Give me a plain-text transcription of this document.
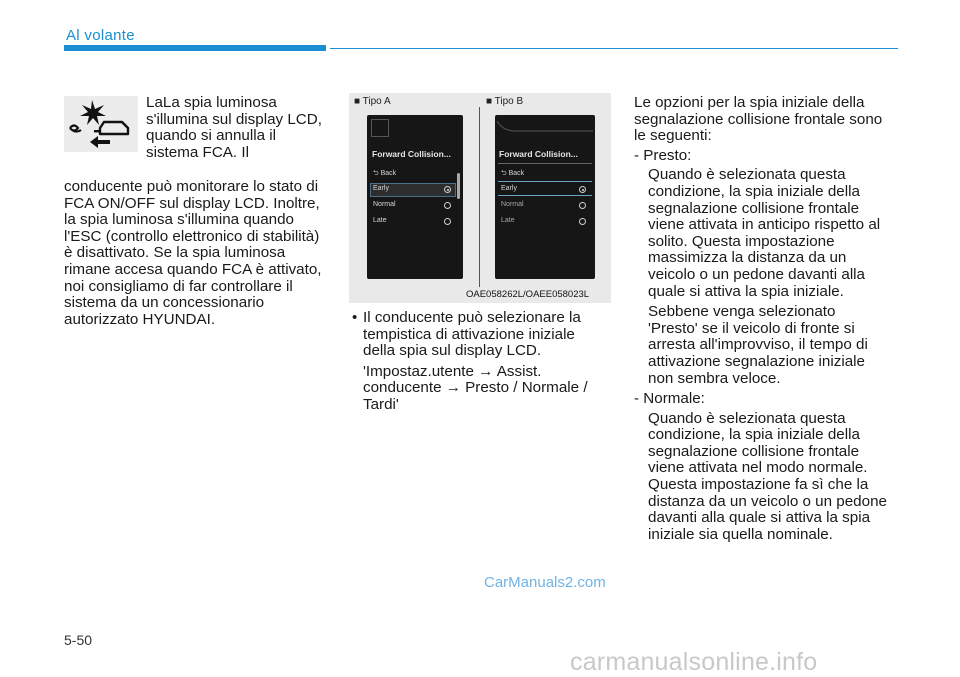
Al volante
LaLa spia luminosa
s'illumina sul display LCD,
quando si annulla il
sistema FCA. Il
conducente può monitorare lo stato di
FCA ON/OFF sul display LCD. Inoltre,
la spia luminosa s'illumina quando
l'ESC (controllo elettronico di stabilità)
è disattivato. Se la spia luminosa
rimane accesa quando FCA è attivato,
noi consigliamo di far controllare il
sistema da un concessionario
autorizzato HYUNDAI.
■ Tipo A	■ Tipo B
Forward Collision...
⮌ Back
Early
Normal
Late
Forward Collision...
⮌ Back
Early
Normal
Late
OAE058262L/OAEE058023L
• Il conducente può selezionare la
tempistica di attivazione iniziale
della spia sul display LCD.
'Impostaz.utente → Assist.
conducente → Presto / Normale /
Tardi'
Le opzioni per la spia iniziale della
segnalazione collisione frontale sono
le seguenti:
- Presto:
Quando è selezionata questa
condizione, la spia iniziale della
segnalazione collisione frontale
viene attivata in anticipo rispetto al
solito. Questa impostazione
massimizza la distanza da un
veicolo o un pedone davanti alla
quale si attiva la spia iniziale.
Sebbene venga selezionato
'Presto' se il veicolo di fronte si
arresta all'improvviso, il tempo di
attivazione segnalazione iniziale
non sembra veloce.
- Normale:
Quando è selezionata questa
condizione, la spia iniziale della
segnalazione collisione frontale
viene attivata nel modo normale.
Questa impostazione fa sì che la
distanza da un veicolo o un pedone
davanti alla quale si attiva la spia
iniziale sia quella nominale.
CarManuals2.com
5-50
carmanualsonline.info
